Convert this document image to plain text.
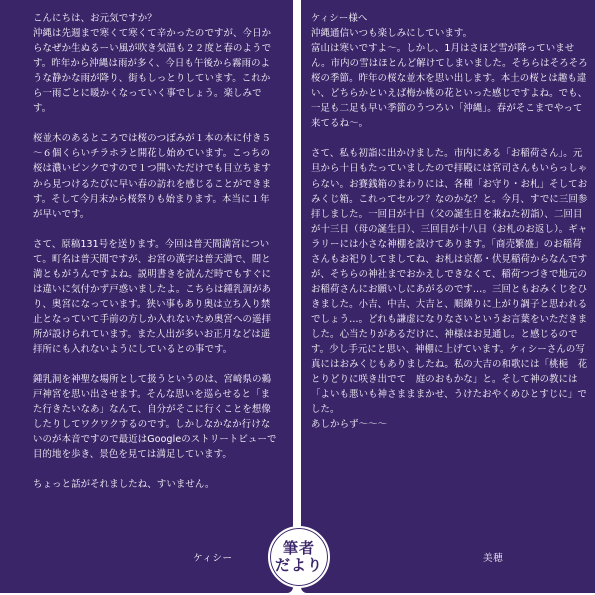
こんにちは、お元気ですか？
沖縄は先週まで寒くて寒くて辛かったのですが、今日からなぜか生ぬるーい風が吹き気温も２２度と春のようです。昨年から沖縄は雨が多く、今日も午後から霧雨のような静かな雨が降り、街もしっとりしています。これから一雨ごとに暖かくなっていく事でしょう。楽しみです。

桜並木のあるところでは桜のつぼみが１本の木に付き５～６個くらいチラホラと開花し始めています。こっちの桜は濃いピンクですので１つ開いただけでも目立ちますから見つけるたびに早い春の訪れを感じることができます。そして今月末から桜祭りも始まります。本当に１年が早いです。

さて、原稿131号を送ります。今回は普天間満宮について。町名は普天間ですが、お宮の漢字は普天満で、間と満ともがうんですよね。説明書きを読んだ時でもすぐには違いに気付かず戸惑いましたよ。こちらは鍾乳洞があり、奥宮になっています。狭い事もあり奥は立ち入り禁止となっていて手前の方しか入れないため奥宮への遥拝所が設けられています。また人出が多いお正月などは遥拝所にも入れないようにしているとの事です。

鍾乳洞を神聖な場所として扱うというのは、宮崎県の鵜戸神宮を思い出させます。そんな思いを巡らせると「また行きたいなあ」なんて、自分がそこに行くことを想像したりしてワクワクするのです。しかしなかなか行けないのが本音ですので最近はGoogleのストリートビューで目的地を歩き、景色を見ては満足しています。

ちょっと話がそれましたね、すいません。
ケィシー
ケィシー様へ
沖縄通信いつも楽しみにしています。
富山は寒いですよ～。しかし、1月はさほど雪が降っていません。市内の雪はほとんど解けてしまいました。そちらはそろそろ桜の季節。昨年の桜な並木を思い出します。本土の桜とは趣も違い、どちらかといえば梅か桃の花といった感じですよね。でも、一足も二足も早い季節のうつろい「沖縄」。春がそこまでやって来てるね～。

さて、私も初詣に出かけました。市内にある「お稲荷さん」。元旦から十日もたっていましたので拝殿には宮司さんもいらっしゃらない。お賽銭箱のまわりには、各種「お守り・お札」そしておみくじ箱。これってセルフ？なのかな？と。今月、すでに三回参拝しました。一回目が十日（父の誕生日を兼ねた初詣）、二回目が十三日（母の誕生日）、三回目が十八日（お札のお返し）。ギャラリーには小さな神棚を設けてあります。「商売繁盛」のお稲荷さんもお祀りしてましてね、お札は京都・伏見稲荷からなんですが、そちらの神社までおかえしできなくて、稲荷つづきで地元のお稲荷さんにお願いしにあがるのです…。三回ともおみくじをひきました。小吉、中吉、大吉と、順繰りに上がり調子と思われるでしょう…。どれも謙虚になりなさいというお言葉をいただきました。心当たりがあるだけに、神様はお見通し。と感じるのです。少し手元にと思い、神棚に上げています。ケィシーさんの写真にはおみくじもありましたね。私の大吉の和歌には「桃梔　花とりどりに咲き出でて　庭のおもかな」と。そして神の教には「よいも悪いも神さまままかせ、うけたおやくめひとすじに」でした。
あしからず～～～
美穂
筆者
だより
